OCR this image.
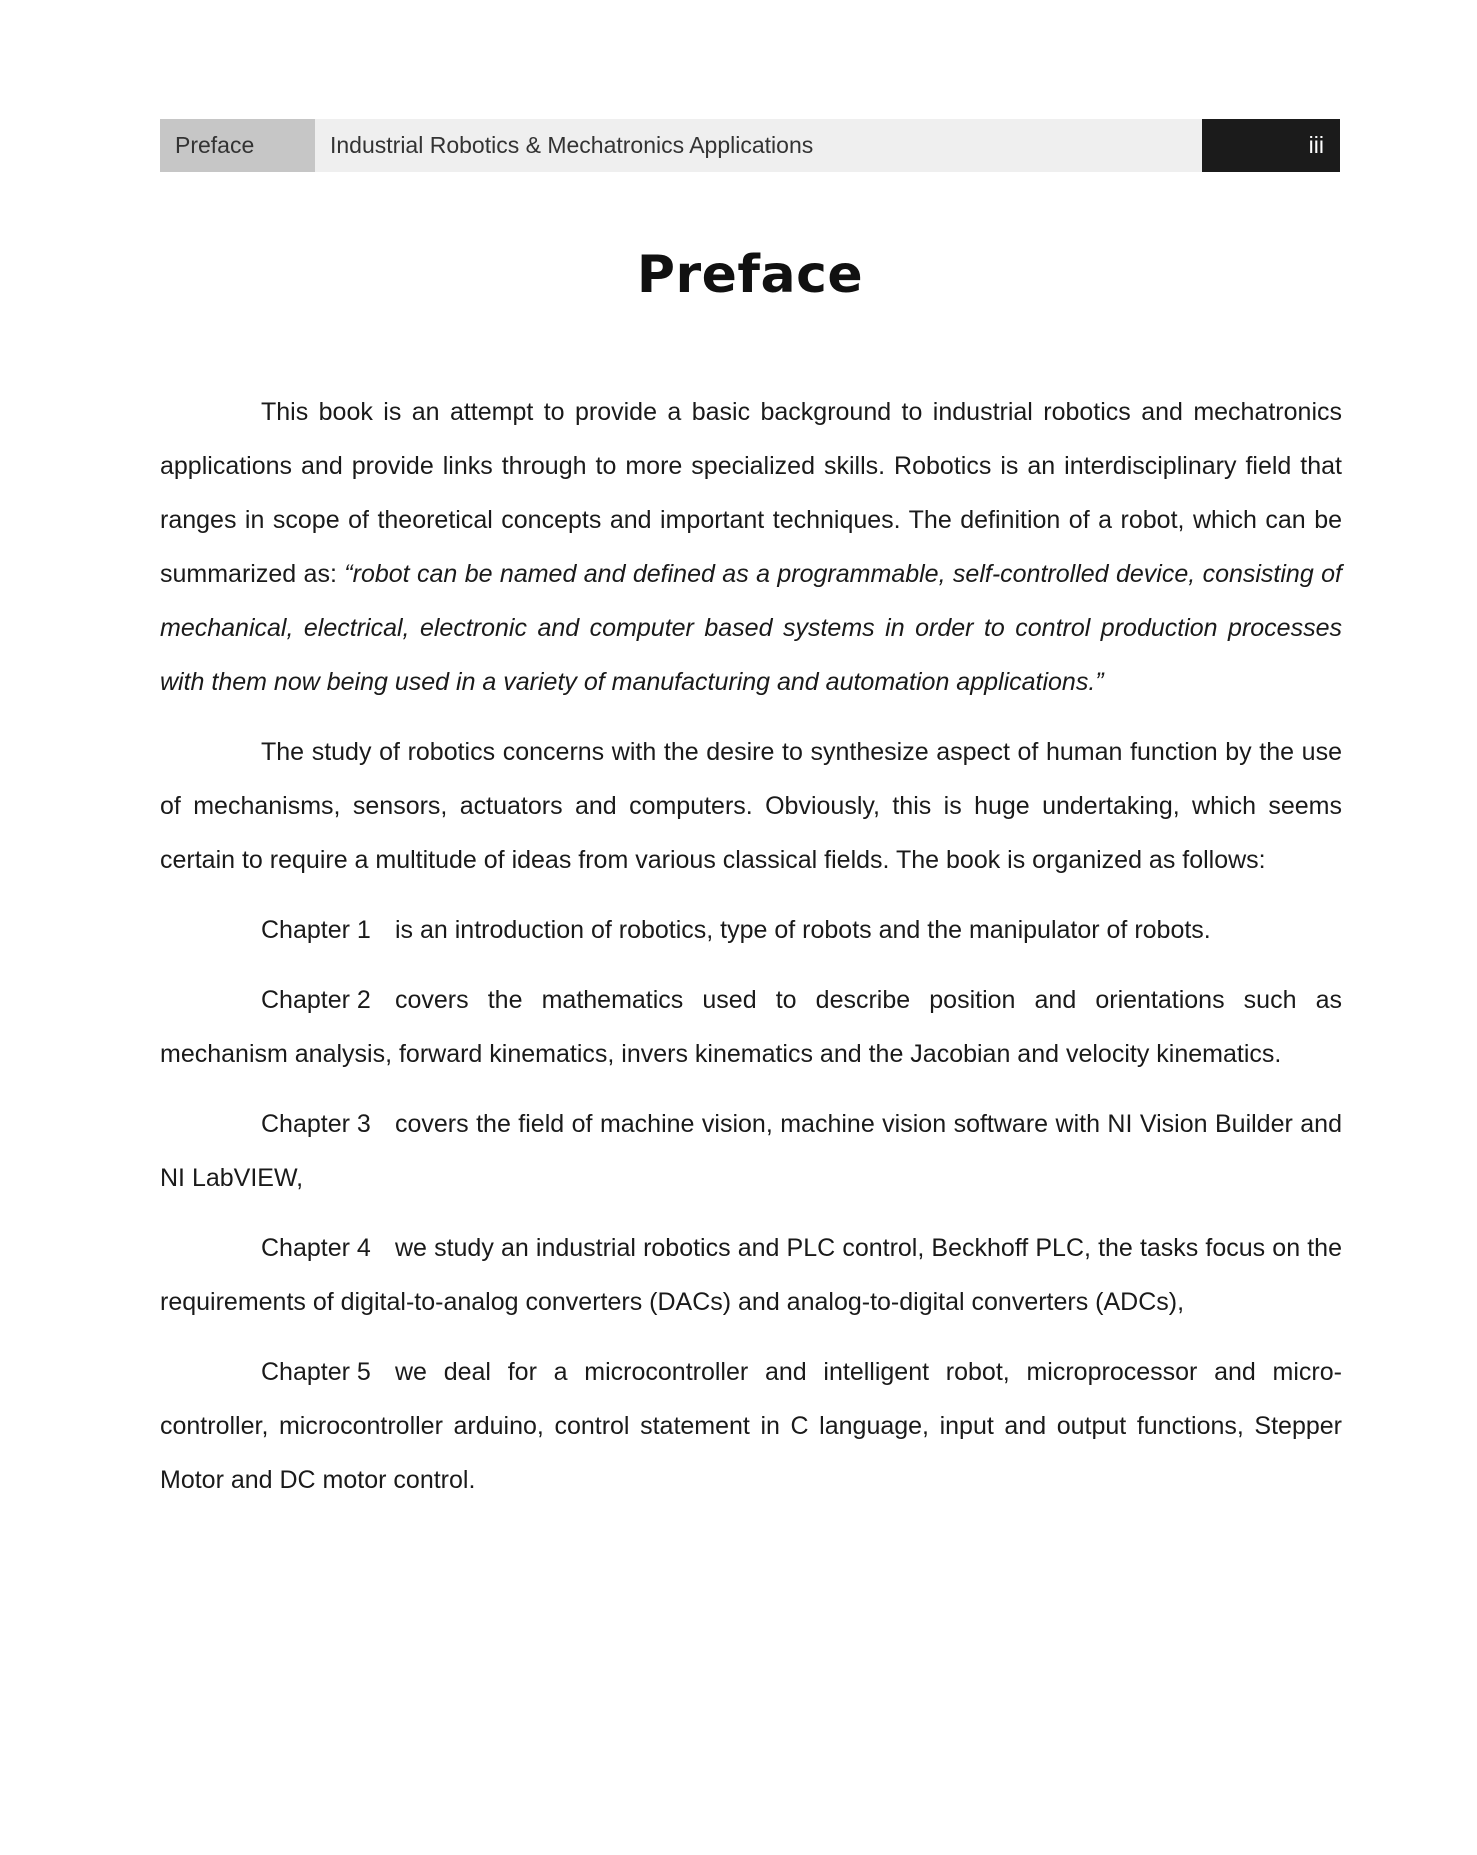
Preface	Industrial Robotics & Mechatronics Applications	iii
Preface

This book is an attempt to provide a basic background to industrial robotics and mechatronics applications and provide links through to more specialized skills. Robotics is an interdisciplinary field that ranges in scope of theoretical concepts and important techniques. The definition of a robot, which can be summarized as: “robot can be named and defined as a programmable, self-controlled device, consisting of mechanical, electrical, electronic and computer based systems in order to control production processes with them now being used in a variety of manufacturing and automation applications.”

The study of robotics concerns with the desire to synthesize aspect of human function by the use of mechanisms, sensors, actuators and computers. Obviously, this is huge undertaking, which seems certain to require a multitude of ideas from various classical fields. The book is organized as follows:

Chapter 1 is an introduction of robotics, type of robots and the manipulator of robots.

Chapter 2 covers the mathematics used to describe position and orientations such as mechanism analysis, forward kinematics, invers kinematics and the Jacobian and velocity kinematics.

Chapter 3 covers the field of machine vision, machine vision software with NI Vision Builder and NI LabVIEW,

Chapter 4 we study an industrial robotics and PLC control, Beckhoff PLC, the tasks focus on the requirements of digital-to-analog converters (DACs) and analog-to-digital converters (ADCs),

Chapter 5 we deal for a microcontroller and intelligent robot, microprocessor and micro-controller, microcontroller arduino, control statement in C language, input and output functions, Stepper Motor and DC motor control.
